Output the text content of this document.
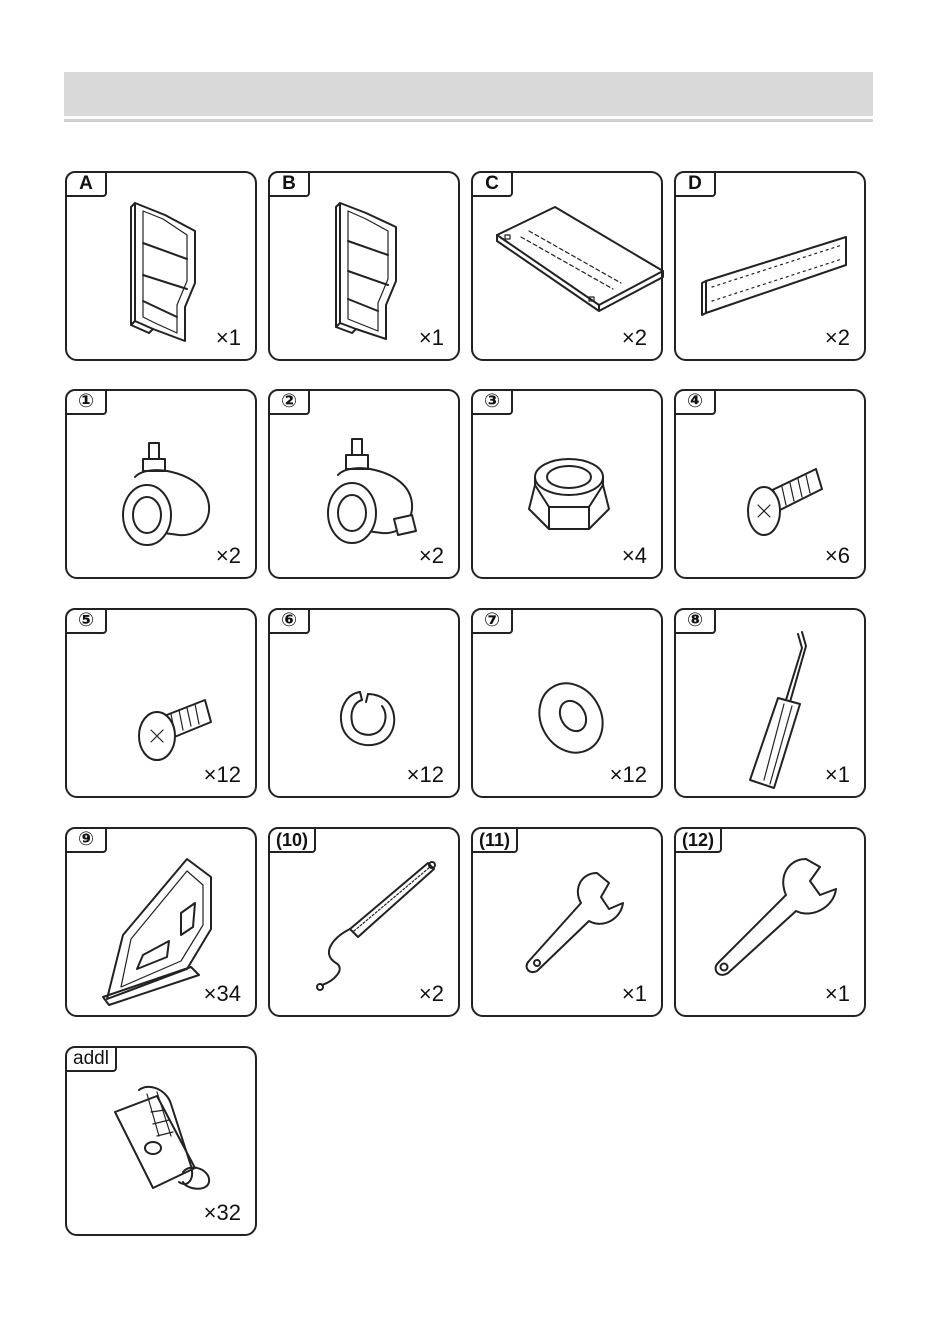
A
×1
B
×1
C
×2
D
×2
①
×2
②
×2
③
×4
④
×6
⑤
×12
⑥
×12
⑦
×12
⑧
×1
⑨
×34
(10)
×2
(11)
×1
(12)
×1
addl
×32
